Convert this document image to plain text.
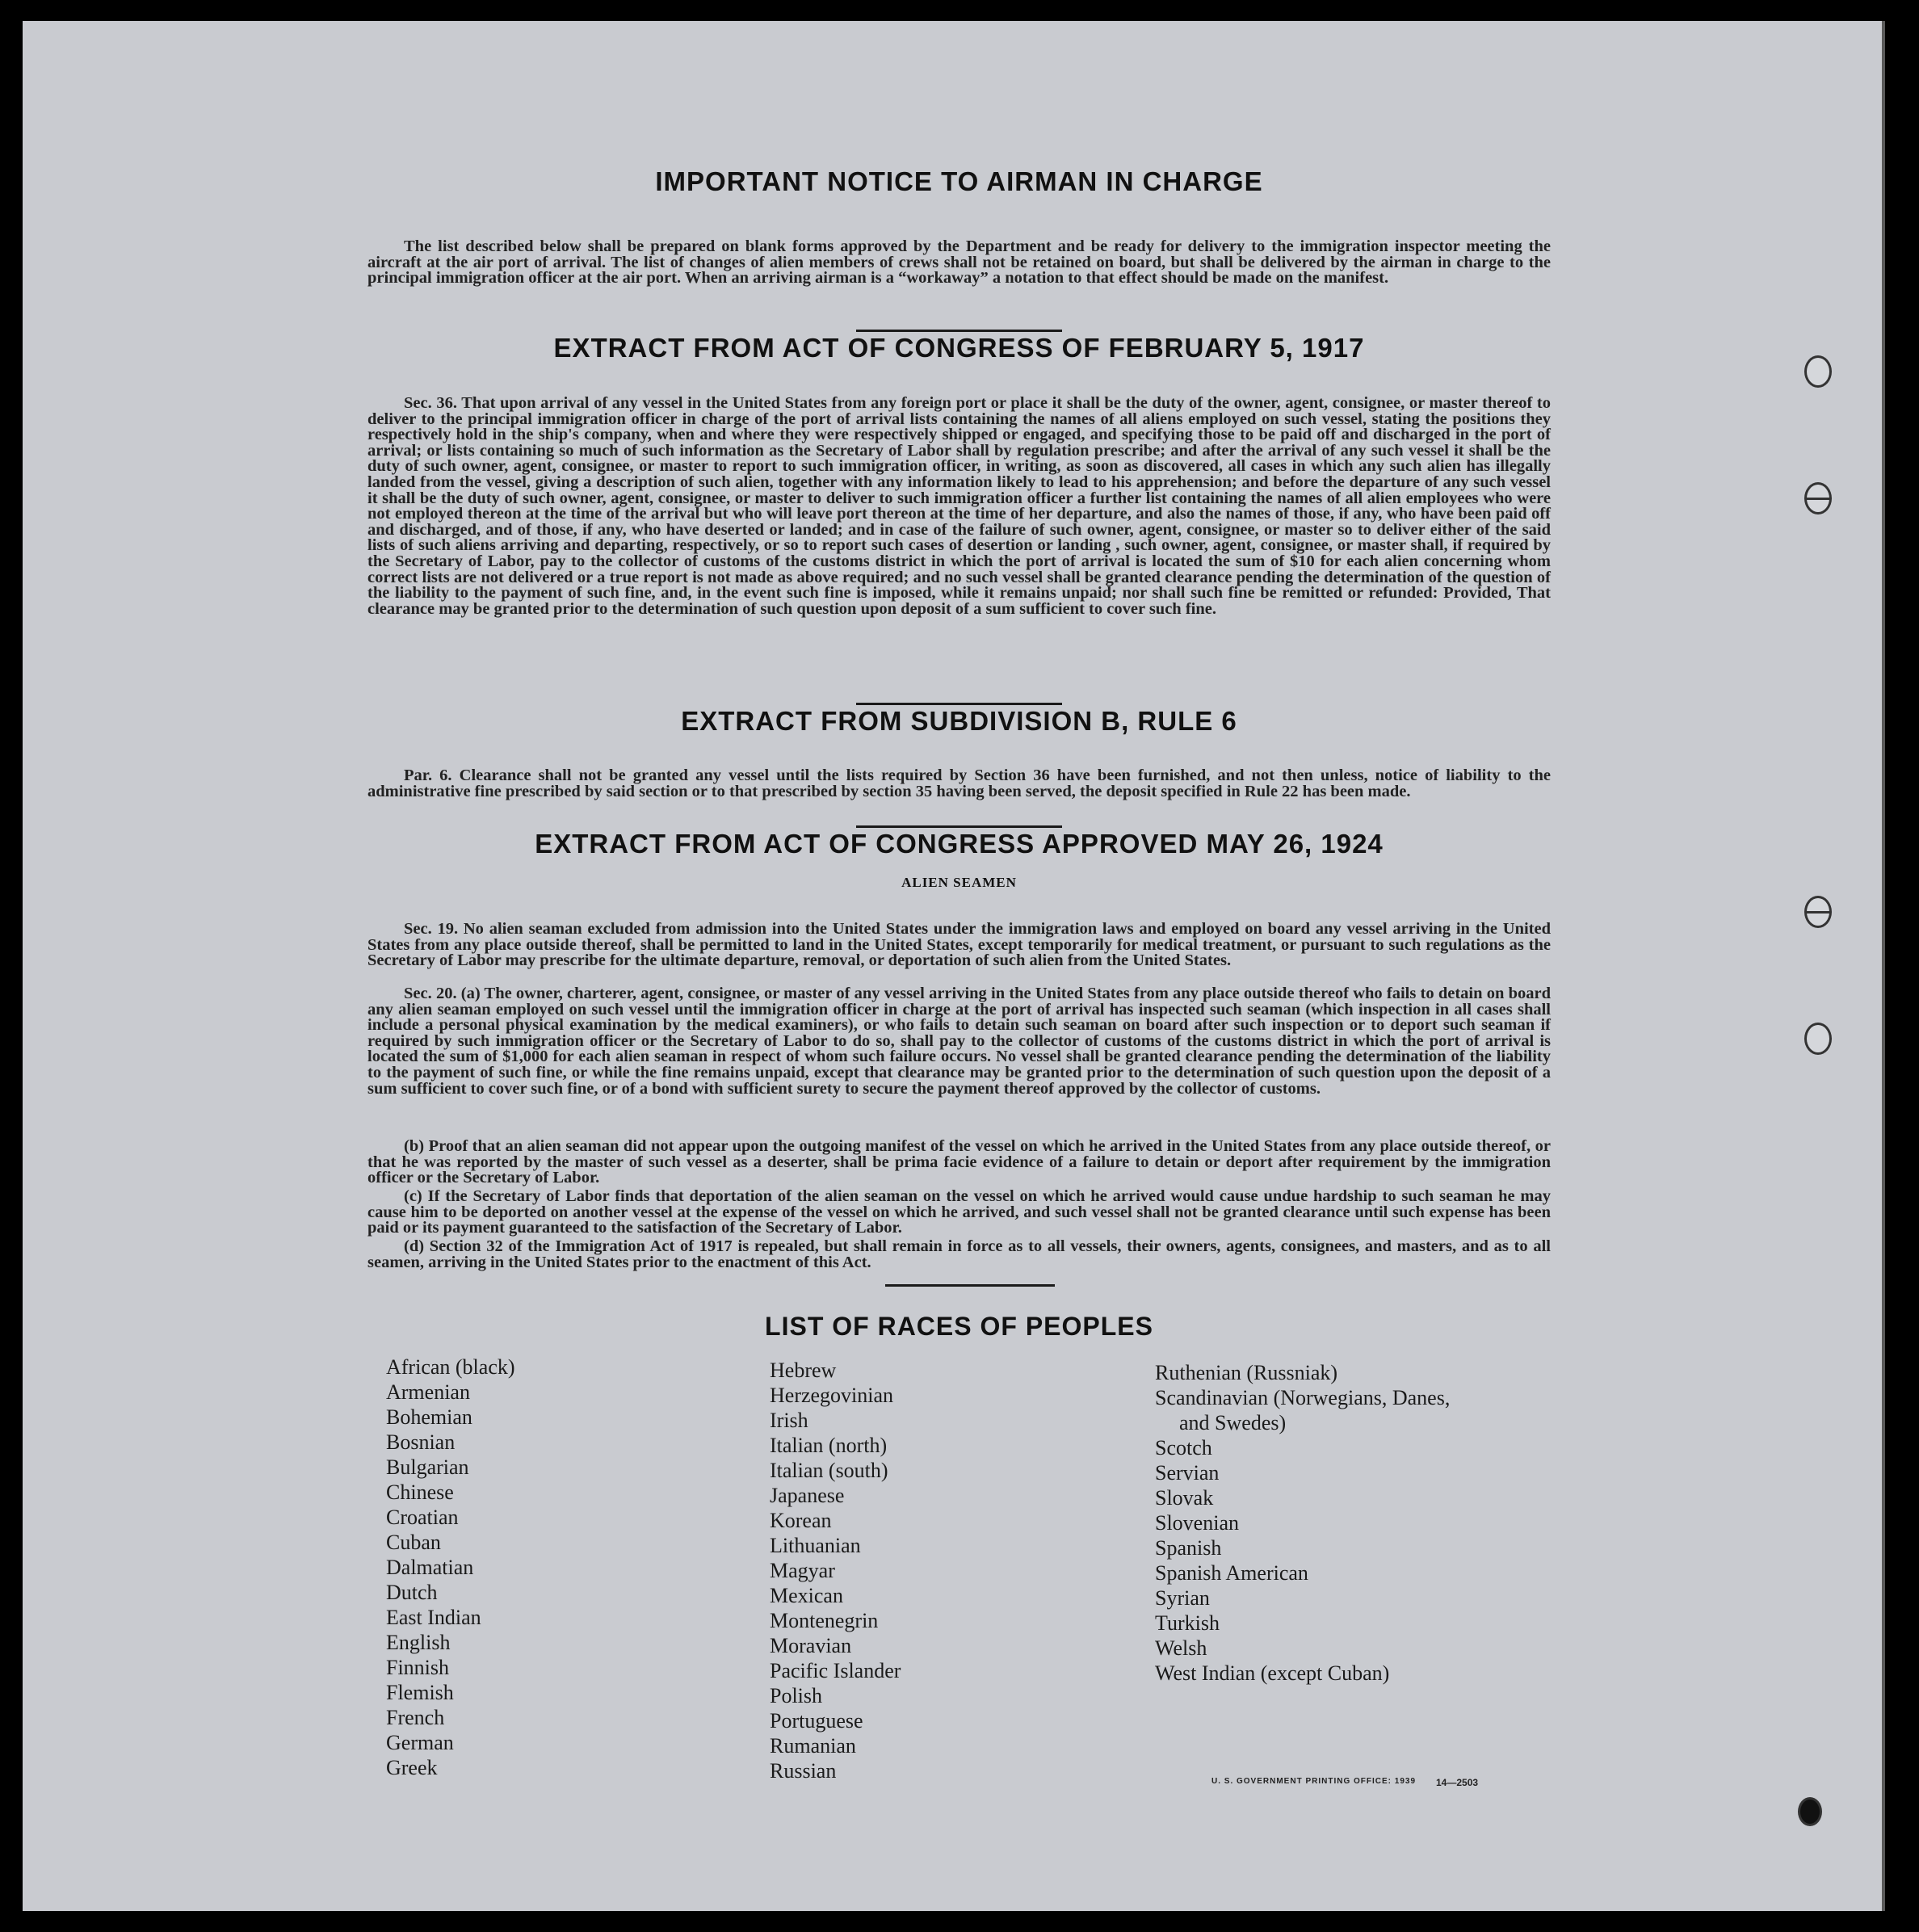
IMPORTANT NOTICE TO AIRMAN IN CHARGE

The list described below shall be prepared on blank forms approved by the Department and be ready for delivery to the immigration inspector meeting the aircraft at the air port of arrival. The list of changes of alien members of crews shall not be retained on board, but shall be delivered by the airman in charge to the principal immigration officer at the air port. When an arriving airman is a “workaway” a notation to that effect should be made on the manifest.

EXTRACT FROM ACT OF CONGRESS OF FEBRUARY 5, 1917

Sec. 36. That upon arrival of any vessel in the United States from any foreign port or place it shall be the duty of the owner, agent, consignee, or master thereof to deliver to the principal immigration officer in charge of the port of arrival lists containing the names of all aliens employed on such vessel, stating the positions they respectively hold in the ship's company, when and where they were respectively shipped or engaged, and specifying those to be paid off and discharged in the port of arrival; or lists containing so much of such information as the Secretary of Labor shall by regulation prescribe; and after the arrival of any such vessel it shall be the duty of such owner, agent, consignee, or master to report to such immigration officer, in writing, as soon as discovered, all cases in which any such alien has illegally landed from the vessel, giving a description of such alien, together with any information likely to lead to his apprehension; and before the departure of any such vessel it shall be the duty of such owner, agent, consignee, or master to deliver to such immigration officer a further list containing the names of all alien employees who were not employed thereon at the time of the arrival but who will leave port thereon at the time of her departure, and also the names of those, if any, who have been paid off and discharged, and of those, if any, who have deserted or landed; and in case of the failure of such owner, agent, consignee, or master so to deliver either of the said lists of such aliens arriving and departing, respectively, or so to report such cases of desertion or landing , such owner, agent, consignee, or master shall, if required by the Secretary of Labor, pay to the collector of customs of the customs district in which the port of arrival is located the sum of $10 for each alien concerning whom correct lists are not delivered or a true report is not made as above required; and no such vessel shall be granted clearance pending the determination of the question of the liability to the payment of such fine, and, in the event such fine is imposed, while it remains unpaid; nor shall such fine be remitted or refunded: Provided, That clearance may be granted prior to the determination of such question upon deposit of a sum sufficient to cover such fine.

EXTRACT FROM SUBDIVISION B, RULE 6

Par. 6. Clearance shall not be granted any vessel until the lists required by Section 36 have been furnished, and not then unless, notice of liability to the administrative fine prescribed by said section or to that prescribed by section 35 having been served, the deposit specified in Rule 22 has been made.

EXTRACT FROM ACT OF CONGRESS APPROVED MAY 26, 1924
ALIEN SEAMEN

Sec. 19. No alien seaman excluded from admission into the United States under the immigration laws and employed on board any vessel arriving in the United States from any place outside thereof, shall be permitted to land in the United States, except temporarily for medical treatment, or pursuant to such regulations as the Secretary of Labor may prescribe for the ultimate departure, removal, or deportation of such alien from the United States.

Sec. 20. (a) The owner, charterer, agent, consignee, or master of any vessel arriving in the United States from any place outside thereof who fails to detain on board any alien seaman employed on such vessel until the immigration officer in charge at the port of arrival has inspected such seaman (which inspection in all cases shall include a personal physical examination by the medical examiners), or who fails to detain such seaman on board after such inspection or to deport such seaman if required by such immigration officer or the Secretary of Labor to do so, shall pay to the collector of customs of the customs district in which the port of arrival is located the sum of $1,000 for each alien seaman in respect of whom such failure occurs. No vessel shall be granted clearance pending the determination of the liability to the payment of such fine, or while the fine remains unpaid, except that clearance may be granted prior to the determination of such question upon the deposit of a sum sufficient to cover such fine, or of a bond with sufficient surety to secure the payment thereof approved by the collector of customs.

(b) Proof that an alien seaman did not appear upon the outgoing manifest of the vessel on which he arrived in the United States from any place outside thereof, or that he was reported by the master of such vessel as a deserter, shall be prima facie evidence of a failure to detain or deport after requirement by the immigration officer or the Secretary of Labor.

(c) If the Secretary of Labor finds that deportation of the alien seaman on the vessel on which he arrived would cause undue hardship to such seaman he may cause him to be deported on another vessel at the expense of the vessel on which he arrived, and such vessel shall not be granted clearance until such expense has been paid or its payment guaranteed to the satisfaction of the Secretary of Labor.

(d) Section 32 of the Immigration Act of 1917 is repealed, but shall remain in force as to all vessels, their owners, agents, consignees, and masters, and as to all seamen, arriving in the United States prior to the enactment of this Act.

LIST OF RACES OF PEOPLES
African (black)
Armenian
Bohemian
Bosnian
Bulgarian
Chinese
Croatian
Cuban
Dalmatian
Dutch
East Indian
English
Finnish
Flemish
French
German
Greek
Hebrew
Herzegovinian
Irish
Italian (north)
Italian (south)
Japanese
Korean
Lithuanian
Magyar
Mexican
Montenegrin
Moravian
Pacific Islander
Polish
Portuguese
Rumanian
Russian
Ruthenian (Russniak)
Scandinavian (Norwegians, Danes,
and Swedes)
Scotch
Servian
Slovak
Slovenian
Spanish
Spanish American
Syrian
Turkish
Welsh
West Indian (except Cuban)
U. S. GOVERNMENT PRINTING OFFICE: 1939 14—2503
